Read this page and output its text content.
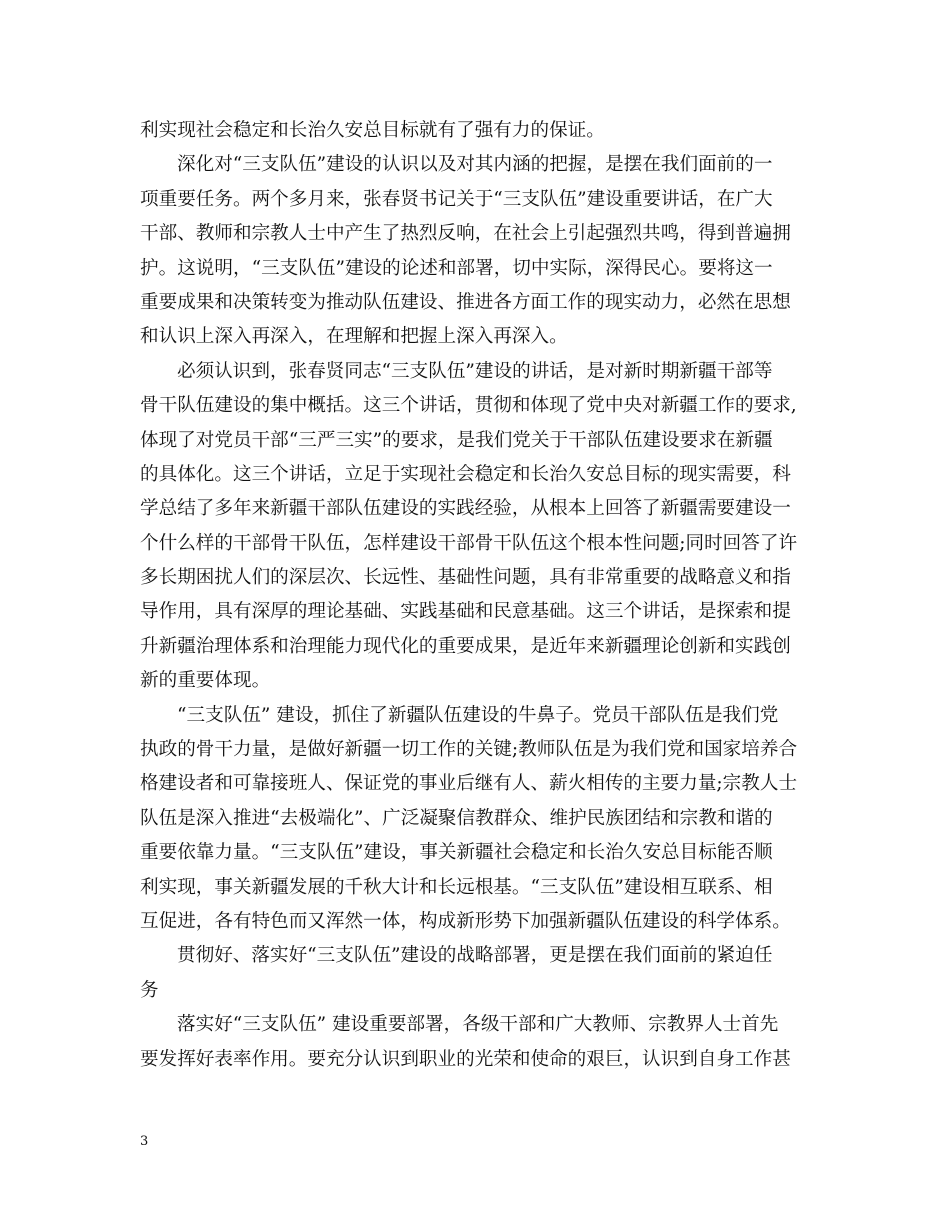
利实现社会稳定和长治久安总目标就有了强有力的保证。
深化对“三支队伍”建设的认识以及对其内涵的把握，是摆在我们面前的一
项重要任务。两个多月来，张春贤书记关于“三支队伍”建设重要讲话，在广大
干部、教师和宗教人士中产生了热烈反响，在社会上引起强烈共鸣，得到普遍拥
护。这说明，“三支队伍”建设的论述和部署，切中实际，深得民心。要将这一
重要成果和决策转变为推动队伍建设、推进各方面工作的现实动力，必然在思想
和认识上深入再深入，在理解和把握上深入再深入。
必须认识到，张春贤同志“三支队伍”建设的讲话，是对新时期新疆干部等
骨干队伍建设的集中概括。这三个讲话，贯彻和体现了党中央对新疆工作的要求,
体现了对党员干部“三严三实”的要求，是我们党关于干部队伍建设要求在新疆
的具体化。这三个讲话，立足于实现社会稳定和长治久安总目标的现实需要，科
学总结了多年来新疆干部队伍建设的实践经验，从根本上回答了新疆需要建设一
个什么样的干部骨干队伍，怎样建设干部骨干队伍这个根本性问题;同时回答了许
多长期困扰人们的深层次、长远性、基础性问题，具有非常重要的战略意义和指
导作用，具有深厚的理论基础、实践基础和民意基础。这三个讲话，是探索和提
升新疆治理体系和治理能力现代化的重要成果，是近年来新疆理论创新和实践创
新的重要体现。
“三支队伍” 建设，抓住了新疆队伍建设的牛鼻子。党员干部队伍是我们党
执政的骨干力量，是做好新疆一切工作的关键;教师队伍是为我们党和国家培养合
格建设者和可靠接班人、保证党的事业后继有人、薪火相传的主要力量;宗教人士
队伍是深入推进“去极端化”、广泛凝聚信教群众、维护民族团结和宗教和谐的
重要依靠力量。“三支队伍”建设，事关新疆社会稳定和长治久安总目标能否顺
利实现，事关新疆发展的千秋大计和长远根基。“三支队伍”建设相互联系、相
互促进，各有特色而又浑然一体，构成新形势下加强新疆队伍建设的科学体系。
贯彻好、落实好“三支队伍”建设的战略部署，更是摆在我们面前的紧迫任
务
落实好“三支队伍” 建设重要部署，各级干部和广大教师、宗教界人士首先
要发挥好表率作用。要充分认识到职业的光荣和使命的艰巨，认识到自身工作甚
3
